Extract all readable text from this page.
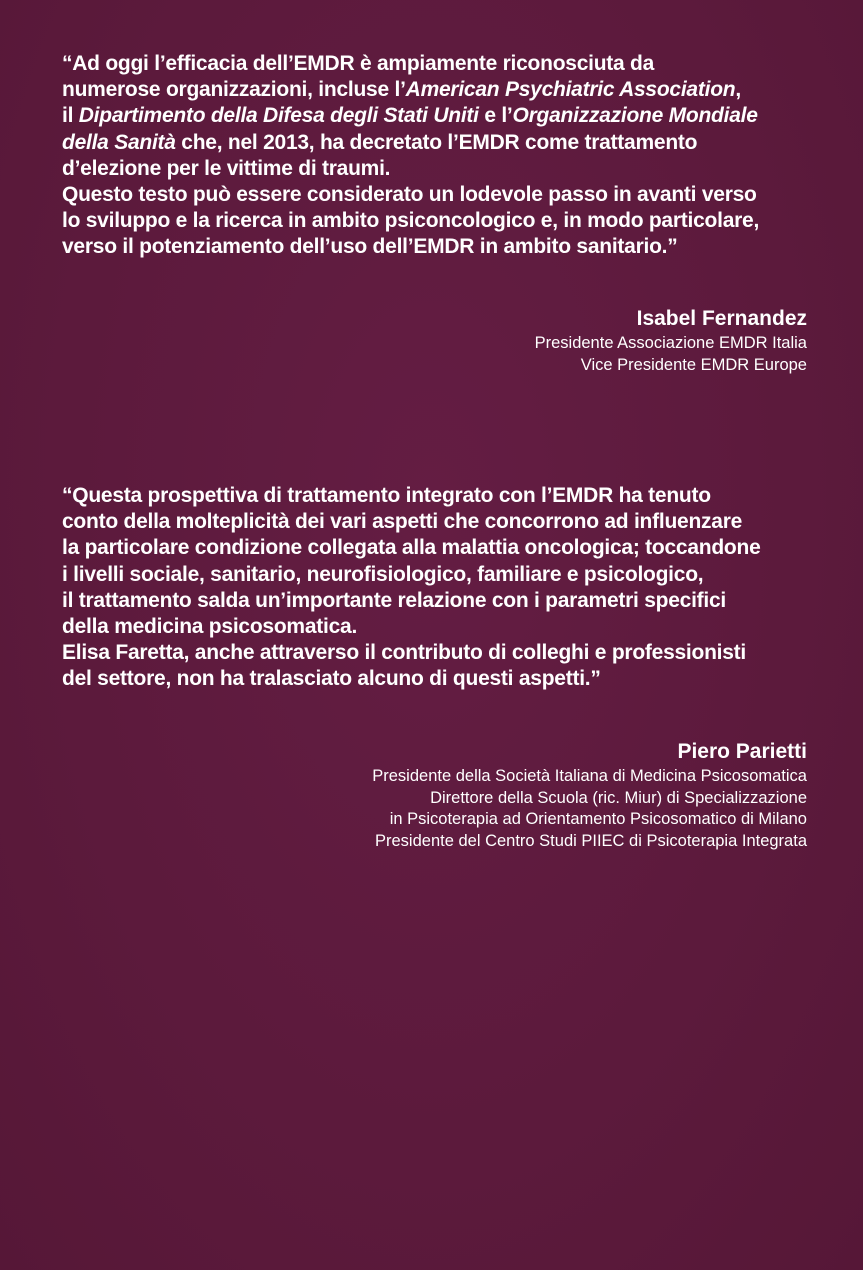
“Ad oggi l’efficacia dell’EMDR è ampiamente riconosciuta da
numerose organizzazioni, incluse l’American Psychiatric Association,
il Dipartimento della Difesa degli Stati Uniti e l’Organizzazione Mondiale
della Sanità che, nel 2013, ha decretato l’EMDR come trattamento
d’elezione per le vittime di traumi.
Questo testo può essere considerato un lodevole passo in avanti verso
lo sviluppo e la ricerca in ambito psiconcologico e, in modo particolare,
verso il potenziamento dell’uso dell’EMDR in ambito sanitario.”

Isabel Fernandez
Presidente Associazione EMDR Italia
Vice Presidente EMDR Europe

“Questa prospettiva di trattamento integrato con l’EMDR ha tenuto
conto della molteplicità dei vari aspetti che concorrono ad influenzare
la particolare condizione collegata alla malattia oncologica; toccandone
i livelli sociale, sanitario, neurofisiologico, familiare e psicologico,
il trattamento salda un’importante relazione con i parametri specifici
della medicina psicosomatica.
Elisa Faretta, anche attraverso il contributo di colleghi e professionisti
del settore, non ha tralasciato alcuno di questi aspetti.”

Piero Parietti
Presidente della Società Italiana di Medicina Psicosomatica
Direttore della Scuola (ric. Miur) di Specializzazione
in Psicoterapia ad Orientamento Psicosomatico di Milano
Presidente del Centro Studi PIIEC di Psicoterapia Integrata
